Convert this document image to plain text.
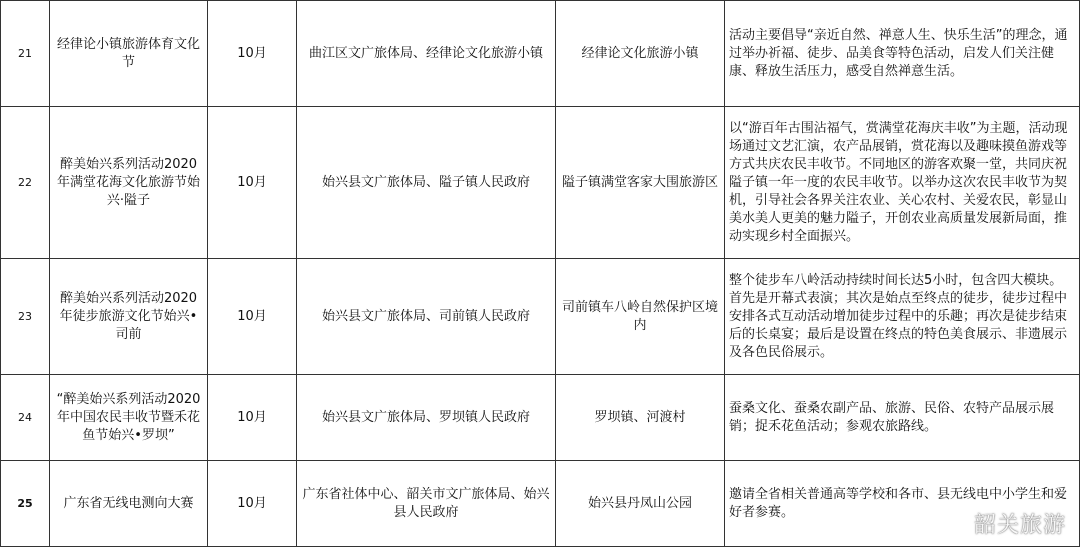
21	经律论小镇旅游体育文化节	10月	曲江区文广旅体局、经律论文化旅游小镇	经律论文化旅游小镇	活动主要倡导“亲近自然、禅意人生、快乐生活”的理念，通过举办祈福、徒步、品美食等特色活动，启发人们关注健康、释放生活压力，感受自然禅意生活。
22	醉美始兴系列活动2020年满堂花海文化旅游节始兴·隘子	10月	始兴县文广旅体局、隘子镇人民政府	隘子镇满堂客家大围旅游区	以“游百年古围沾福气，赏满堂花海庆丰收”为主题，活动现场通过文艺汇演，农产品展销，赏花海以及趣味摸鱼游戏等方式共庆农民丰收节。不同地区的游客欢聚一堂，共同庆祝隘子镇一年一度的农民丰收节。以举办这次农民丰收节为契机，引导社会各界关注农业、关心农村、关爱农民，彰显山美水美人更美的魅力隘子，开创农业高质量发展新局面，推动实现乡村全面振兴。
23	醉美始兴系列活动2020年徒步旅游文化节始兴•司前	10月	始兴县文广旅体局、司前镇人民政府	司前镇车八岭自然保护区境内	整个徒步车八岭活动持续时间长达5小时，包含四大模块。首先是开幕式表演；其次是始点至终点的徒步，徒步过程中安排各式互动活动增加徒步过程中的乐趣；再次是徒步结束后的长桌宴；最后是设置在终点的特色美食展示、非遗展示及各色民俗展示。
24	“醉美始兴系列活动2020年中国农民丰收节暨禾花鱼节始兴•罗坝”	10月	始兴县文广旅体局、罗坝镇人民政府	罗坝镇、河渡村	蚕桑文化、蚕桑农副产品、旅游、民俗、农特产品展示展销；捉禾花鱼活动；参观农旅路线。
25	广东省无线电测向大赛	10月	广东省社体中心、韶关市文广旅体局、始兴县人民政府	始兴县丹凤山公园	邀请全省相关普通高等学校和各市、县无线电中小学生和爱好者参赛。
韶关旅游
